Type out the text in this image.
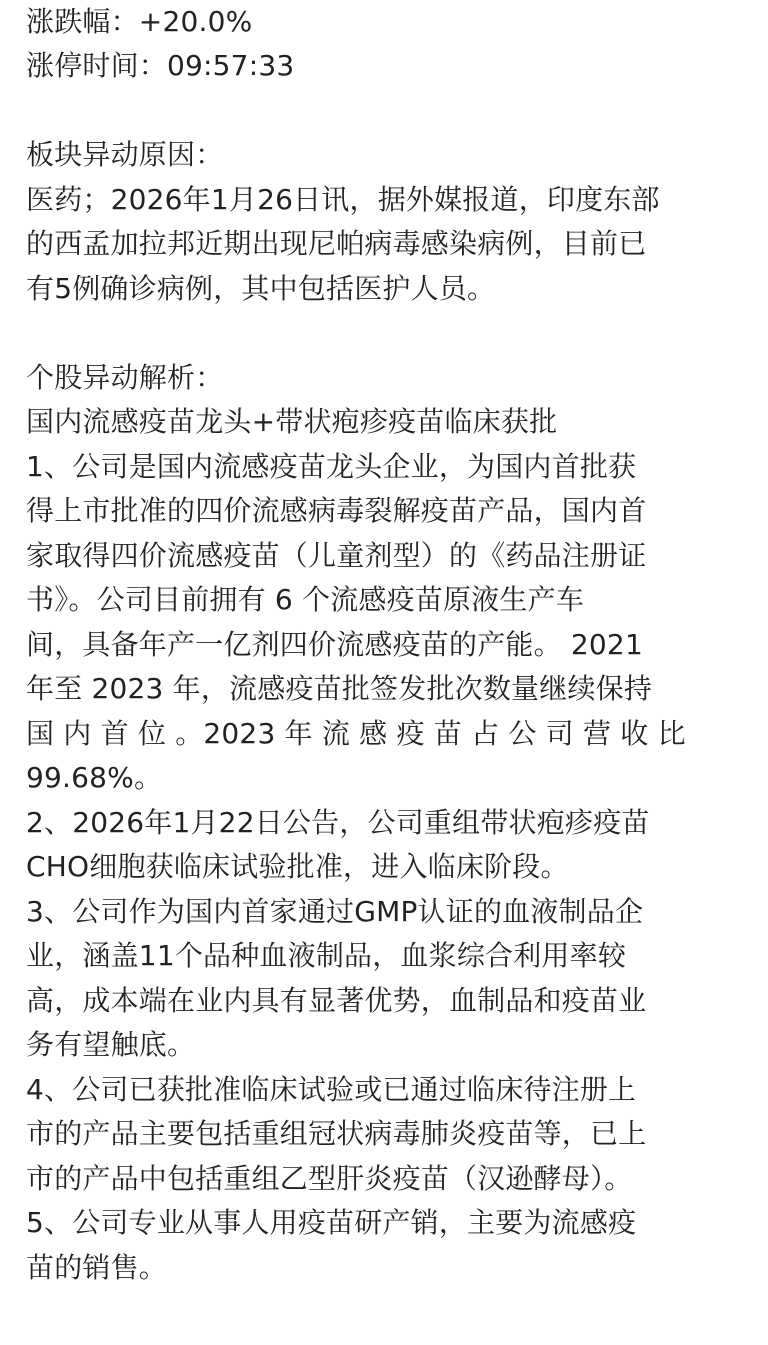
涨跌幅：+20.0%
涨停时间：09:57:33
板块异动原因：
医药；2026年1月26日讯，据外媒报道，印度东部
的西孟加拉邦近期出现尼帕病毒感染病例，目前已
有5例确诊病例，其中包括医护人员。
个股异动解析：
国内流感疫苗龙头+带状疱疹疫苗临床获批
1、公司是国内流感疫苗龙头企业，为国内首批获
得上市批准的四价流感病毒裂解疫苗产品，国内首
家取得四价流感疫苗（儿童剂型）的《药品注册证
书》。公司目前拥有 6 个流感疫苗原液生产车
间，具备年产一亿剂四价流感疫苗的产能。 2021
年至 2023 年，流感疫苗批签发批次数量继续保持
国 内 首 位 。2023 年 流 感 疫 苗 占 公 司 营 收 比
99.68%。
2、2026年1月22日公告，公司重组带状疱疹疫苗
CHO细胞获临床试验批准，进入临床阶段。
3、公司作为国内首家通过GMP认证的血液制品企
业，涵盖11个品种血液制品，血浆综合利用率较
高，成本端在业内具有显著优势，血制品和疫苗业
务有望触底。
4、公司已获批准临床试验或已通过临床待注册上
市的产品主要包括重组冠状病毒肺炎疫苗等，已上
市的产品中包括重组乙型肝炎疫苗（汉逊酵母）。
5、公司专业从事人用疫苗研产销，主要为流感疫
苗的销售。
